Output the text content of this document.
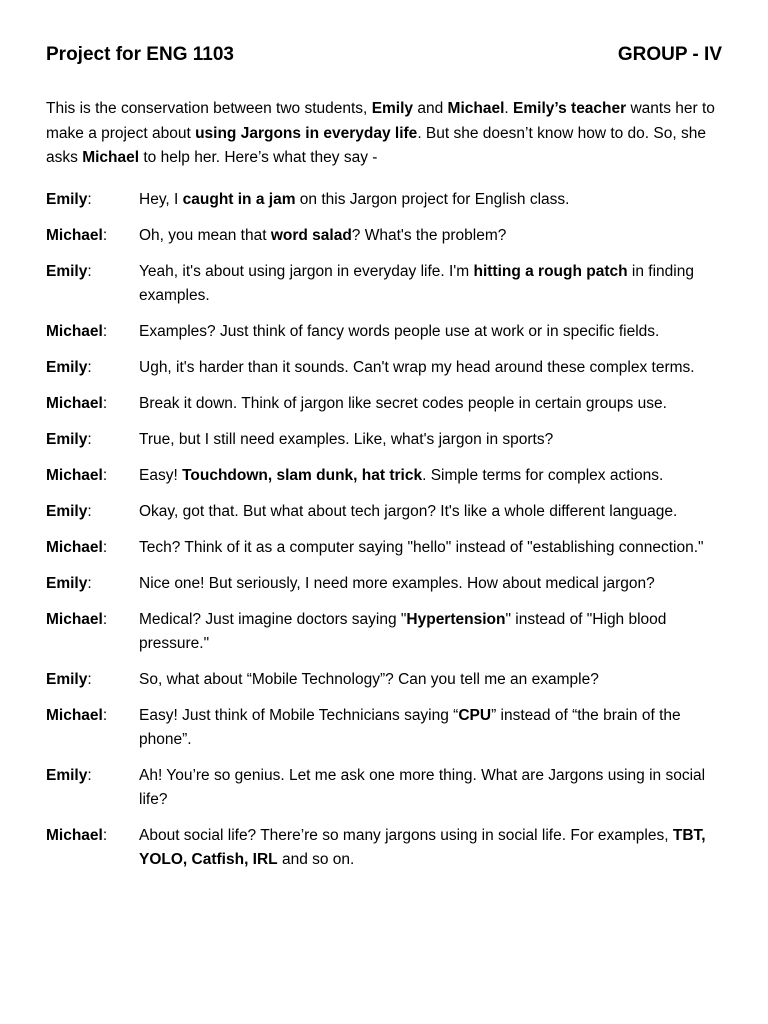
Project for ENG 1103	GROUP - IV
This is the conservation between two students, Emily and Michael. Emily’s teacher wants her to make a project about using Jargons in everyday life. But she doesn’t know how to do. So, she asks Michael to help her. Here’s what they say -
Emily:	Hey, I caught in a jam on this Jargon project for English class.
Michael:	Oh, you mean that word salad? What's the problem?
Emily:	Yeah, it's about using jargon in everyday life. I'm hitting a rough patch in finding examples.
Michael:	Examples? Just think of fancy words people use at work or in specific fields.
Emily:	Ugh, it's harder than it sounds. Can't wrap my head around these complex terms.
Michael:	Break it down. Think of jargon like secret codes people in certain groups use.
Emily:	True, but I still need examples. Like, what's jargon in sports?
Michael:	Easy! Touchdown, slam dunk, hat trick. Simple terms for complex actions.
Emily:	Okay, got that. But what about tech jargon? It's like a whole different language.
Michael:	Tech? Think of it as a computer saying "hello" instead of "establishing connection."
Emily:	Nice one! But seriously, I need more examples. How about medical jargon?
Michael:	Medical? Just imagine doctors saying "Hypertension" instead of "High blood pressure."
Emily:	So, what about “Mobile Technology”? Can you tell me an example?
Michael:	Easy! Just think of Mobile Technicians saying “CPU” instead of “the brain of the phone”.
Emily:	Ah! You’re so genius. Let me ask one more thing. What are Jargons using in social life?
Michael:	About social life? There’re so many jargons using in social life. For examples, TBT, YOLO, Catfish, IRL and so on.
